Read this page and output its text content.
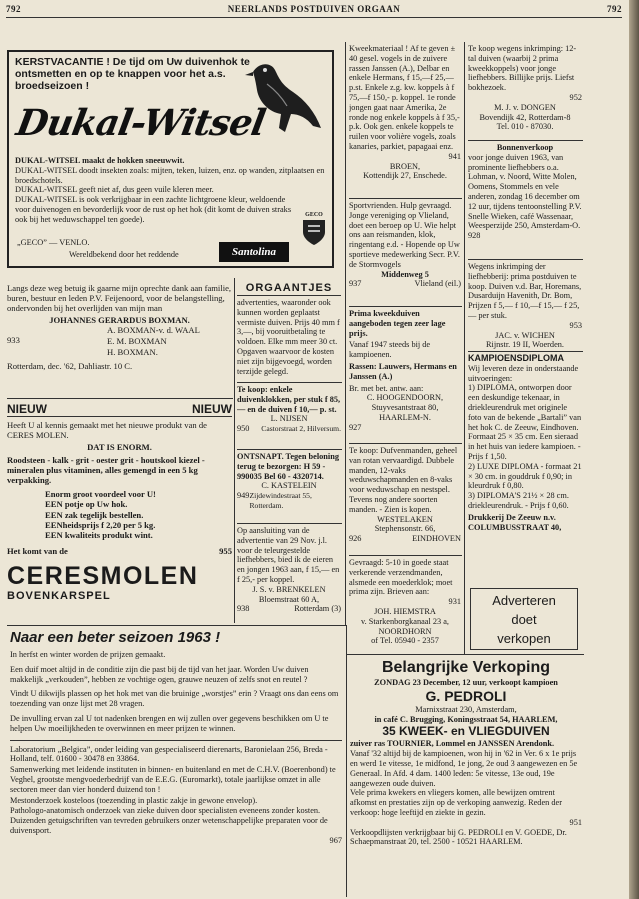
792	NEERLANDS POSTDUIVEN ORGAAN	792
KERSTVACANTIE ! De tijd om Uw duivenhok te ontsmetten en op te knappen voor het a.s. broedseizoen !
Dukal-Witsel

DUKAL-WITSEL maakt de hokken sneeuwwit.

DUKAL-WITSEL doodt insekten zoals: mijten, teken, luizen, enz. op wanden, zitplaatsen en broedschotels.

DUKAL-WITSEL geeft niet af, dus geen vuile kleren meer.

DUKAL-WITSEL is ook verkrijgbaar in een zachte lichtgroene kleur, weldoende voor duivenogen en bevorderlijk voor de rust op het hok (dit komt de duiven straks ook bij het weduwschappel ten goede).

„GECO” — VENLO.
Wereldbekend door het reddende	Santolina
GECO

Langs deze weg betuig ik gaarne mijn oprechte dank aan familie, buren, bestuur en leden P.V. Feijenoord, voor de belangstelling, ondervonden bij het overlijden van mijn man

JOHANNES GERARDUS BOXMAN.

933
A. BOXMAN-v. d. WAAL
E. M. BOXMAN
H. BOXMAN.

Rotterdam, dec. '62, Dahliastr. 10 C.

NIEUW	NIEUW

Heeft U al kennis gemaakt met het nieuwe produkt van de CERES MOLEN.

DAT IS ENORM.

Roodsteen - kalk - grit - oester grit - houtskool kiezel - mineralen plus vitaminen, alles gemengd in een 5 kg verpakking.

Enorm groot voordeel voor U!

EEN potje op Uw hok.

EEN zak tegelijk bestellen.

EENheidsprijs f 2,20 per 5 kg.

EEN kwaliteits produkt wint.

Het komt van de	955
CERESMOLEN
BOVENKARSPEL
ORGAANTJES

advertenties, waaronder ook kunnen worden geplaatst vermiste duiven. Prijs 40 mm f 3,—, bij vooruitbetaling te voldoen. Elke mm meer 30 ct. Opgaven waarvoor de kosten niet zijn bijgevoegd, worden terzijde gelegd.

Te koop: enkele duivenklokken, per stuk f 85,— en de duiven f 10,— p. st.

L. NIJSEN

950 Castorstraat 2, Hilversum.

ONTSNAPT. Tegen beloning terug te bezorgen: H 59 - 990035 Bel 60 - 4320714.

C. KASTELEIN

949 Zijdewindestraat 55, Rotterdam.

Op aansluiting van de advertentie van 29 Nov. j.l. voor de teleurgestelde liefhebbers, bied ik de eieren en jongen 1963 aan, f 15,— en f 25,- per koppel.

J. S. v. BRENKELEN

Bloemstraat 60 A,

938	Rotterdam (3)

Kweekmateriaal ! Af te geven ± 40 gesel. vogels in de zuivere rassen Janssen (A.), Delbar en enkele Hermans, f 15,—f 25,— p.st. Enkele z.g. kw. koppels à f 75,—f 150,- p. koppel. 1e ronde jongen gaat naar Amerika, 2e ronde nog enkele koppels à f 35,- p.k. Ook gen. enkele koppels te ruilen voor volière vogels, zoals kanaries, parkiet, papagaai enz.

941

BROEN,

Kottendijk 27, Enschede.

Sportvrienden. Hulp gevraagd. Jonge vereniging op Vlieland, doet een beroep op U. Wie helpt ons aan reismanden, klok, ringentang e.d. - Hopende op Uw sportieve medewerking Secr. P.V. de Stormvogels

Middenweg 5

937	Vlieland (eil.)

Prima kweekduiven aangeboden tegen zeer lage prijs.

Vanaf 1947 steeds bij de kampioenen.

Rassen: Lauwers, Hermans en Janssen (A.)

Br. met bet. antw. aan:

C. HOOGENDOORN,

Stuyvesantstraat 80,

HAARLEM-N.

927

Te koop: Dufvenmanden, geheel van rotan vervaardigd. Dubbele manden, 12-vaks weduwschapmanden en 8-vaks voor weduwschap en nestspel. Tevens nog andere soorten manden. - Zien is kopen.

WESTELAKEN

Stephensonstr. 66,

926	EINDHOVEN

Gevraagd: 5-10 in goede staat verkerende verzendmanden, alsmede een moederklok; moet prima zijn. Brieven aan:

931

JOH. HIEMSTRA

v. Starkenborgkanaal 23 a,

NOORDHORN

of Tel. 05940 - 2357

Te koop wegens inkrimping: 12-tal duiven (waarbij 2 prima kweekkoppels) voor jonge liefhebbers. Billijke prijs. Liefst bokhezoek.

952

M. J. v. DONGEN

Bovendijk 42, Rotterdam-8

Tel. 010 - 87030.

Bonnenverkoop

voor jonge duiven 1963, van prominente liefhebbers o.a. Lohman, v. Noord, Witte Molen, Oomens, Stommels en vele anderen, zondag 16 december om 12 uur, tijdens tentoonstelling P.V. Snelle Wieken, café Wassenaar, Weesperzijde 250, Amsterdam-O.

928

Wegens inkrimping der liefhebberij: prima postduiven te koop. Duiven v.d. Bar, Horemans, Dusarduijn Havenith, Dr. Bom, Prijzen f 5,— f 10,—f 15,— f 25,— per stuk.

953

JAC. v. WICHEN

Rijnstr. 19 II, Woerden.

KAMPIOENSDIPLOMA

Wij leveren deze in onderstaande uitvoeringen:

1) DIPLOMA, ontworpen door een deskundige tekenaar, in driekleurendruk met originele foto van de bekende „Bartali” van het hok C. de Zeeuw, Eindhoven. Formaat 25 × 35 cm. Een sieraad in het huis van iedere kampioen. - Prijs f 1,50.

2) LUXE DIPLOMA - formaat 21 × 30 cm. in gouddruk f 0,90; in kleurdruk f 0,80.

3) DIPLOMA'S 21½ × 28 cm. driekleurendruk. - Prijs f 0,60.

Drukkerij De Zeeuw n.v.

COLUMBUSSTRAAT 40,

Adverteren
doet
verkopen
Naar een beter seizoen 1963 !

In herfst en winter worden de prijzen gemaakt.

Een duif moet altijd in de conditie zijn die past bij de tijd van het jaar. Worden Uw duiven makkelijk „verkouden”, hebben ze vochtige ogen, grauwe neuzen of zelfs snot en reutel ?

Vindt U dikwijls plassen op het hok met van die bruinige „worstjes” erin ? Vraagt ons dan eens om toezending van onze lijst met 28 vragen.

De invulling ervan zal U tot nadenken brengen en wij zullen over gegevens beschikken om U te helpen Uw moeilijkheden te overwinnen en meer prijzen te winnen.

Laboratorium „Belgica”, onder leiding van gespecialiseerd dierenarts, Baronielaan 256, Breda - Holland, telf. 01600 - 30478 en 33864.

Samenwerking met leidende instituten in binnen- en buitenland en met de C.H.V. (Boerenbond) te Veghel, grootste mengvoederbedrijf van de E.E.G. (Euromarkt), totale jaarlijkse omzet in alle sectoren meer dan vier honderd duizend ton !

Mestonderzoek kosteloos (toezending in plastic zakje in gewone envelop).

Pathologo-anatomisch onderzoek van zieke duiven door specialisten eveneens zonder kosten. Duizenden getuigschriften van tevreden gebruikers onzer wetenschappelijke preparaten voor de duivensport.

967

Belangrijke Verkoping

ZONDAG 23 December, 12 uur, verkoopt kampioen

G. PEDROLI

Marnixstraat 230, Amsterdam,

in café C. Brugging, Koningsstraat 54, HAARLEM,

35 KWEEK- en VLIEGDUIVEN

zuiver ras TOURNIER, Lommel en JANSSEN Arendonk.

Vanaf '32 altijd bij de kampioenen, won hij in '62 in Ver. 6 x 1e prijs en werd 1e vitesse, 1e midfond, 1e jong, 2e oud 3 aangewezen en 5e Generaal. In Afd. 4 dam. 1400 leden: 5e vitesse, 13e oud, 19e aangewezen oude duiven.

Vele prima kwekers en vliegers komen, alle bewijzen omtrent afkomst en prestaties zijn op de verkoping aanwezig. Reden der verkoop: hoge leeftijd en ziekte in gezin.

951

Verkoopdlijsten verkrijgbaar bij G. PEDROLI en V. GOEDE, Dr. Schaepmanstraat 20, tel. 2500 - 10521 HAARLEM.
